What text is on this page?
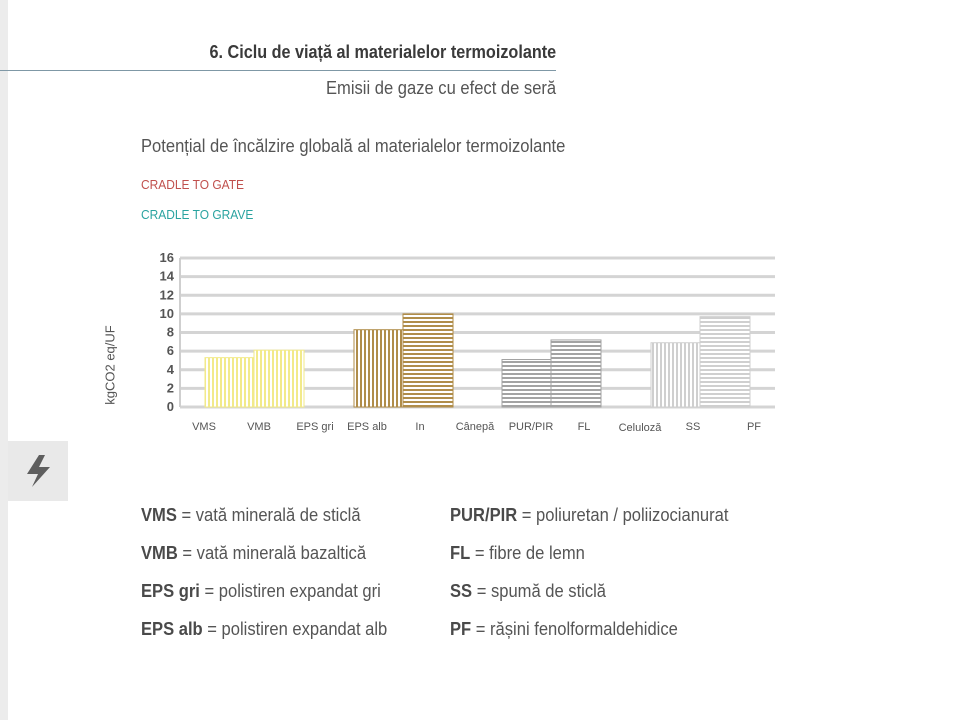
6. Ciclu de viață al materialelor termoizolante
Emisii de gaze cu efect de seră
Potențial de încălzire globală al materialelor termoizolante
CRADLE TO GATE
CRADLE TO GRAVE
kgCO2 eq/UF
0
2
4
6
8
10
12
14
16
VMS	VMB EPS gri EPS alb	In	Cânepă PUR/PIR FL	Celuloză SS	PF
VMS = vată minerală de sticlă
VMB = vată minerală bazaltică
EPS gri = polistiren expandat gri
EPS alb = polistiren expandat alb
PUR/PIR = poliuretan / poliizocianurat
FL = fibre de lemn
SS = spumă de sticlă
PF = rășini fenolformaldehidice
